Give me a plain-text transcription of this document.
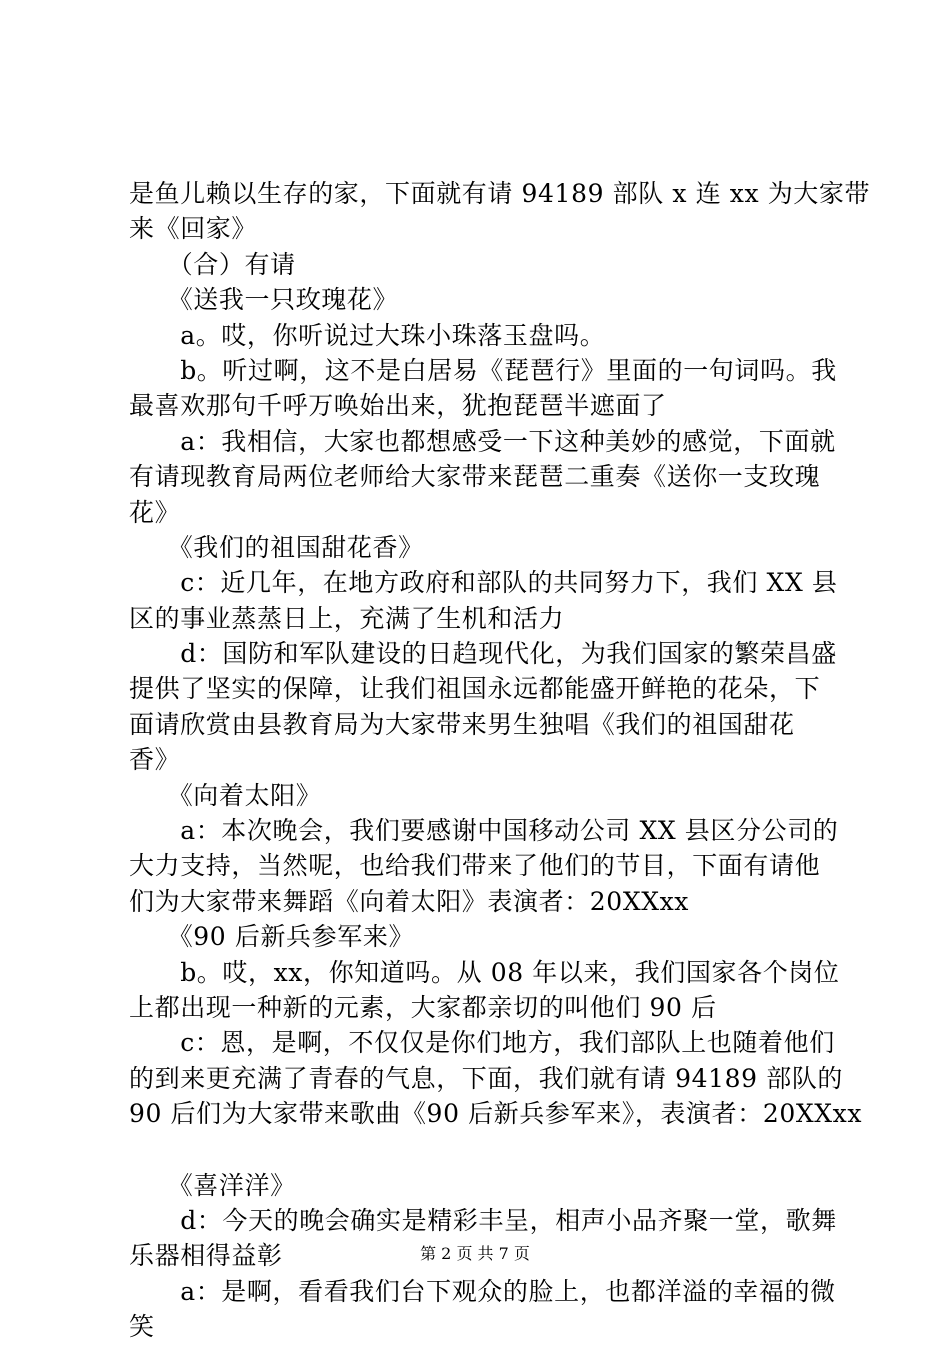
是鱼儿赖以生存的家，下面就有请 94189 部队 x 连 xx 为大家带
来《回家》
　　（合）有请
　　《送我一只玫瑰花》
　　a。哎，你听说过大珠小珠落玉盘吗。
　　b。听过啊，这不是白居易《琵琶行》里面的一句词吗。我
最喜欢那句千呼万唤始出来，犹抱琵琶半遮面了
　　a：我相信，大家也都想感受一下这种美妙的感觉，下面就
有请现教育局两位老师给大家带来琵琶二重奏《送你一支玫瑰
花》
　　《我们的祖国甜花香》
　　c：近几年，在地方政府和部队的共同努力下，我们 XX 县
区的事业蒸蒸日上，充满了生机和活力
　　d：国防和军队建设的日趋现代化，为我们国家的繁荣昌盛
提供了坚实的保障，让我们祖国永远都能盛开鲜艳的花朵，下
面请欣赏由县教育局为大家带来男生独唱《我们的祖国甜花
香》
　　《向着太阳》
　　a：本次晚会，我们要感谢中国移动公司 XX 县区分公司的
大力支持，当然呢，也给我们带来了他们的节目，下面有请他
们为大家带来舞蹈《向着太阳》表演者：20XXxx
　　《90 后新兵参军来》
　　b。哎，xx，你知道吗。从 08 年以来，我们国家各个岗位
上都出现一种新的元素，大家都亲切的叫他们 90 后
　　c：恩，是啊，不仅仅是你们地方，我们部队上也随着他们
的到来更充满了青春的气息，下面，我们就有请 94189 部队的
90 后们为大家带来歌曲《90 后新兵参军来》，表演者：20XXxx
　　《喜洋洋》
　　d：今天的晚会确实是精彩丰呈，相声小品齐聚一堂，歌舞
乐器相得益彰
　　a：是啊，看看我们台下观众的脸上，也都洋溢的幸福的微
笑
第 2 页 共 7 页
